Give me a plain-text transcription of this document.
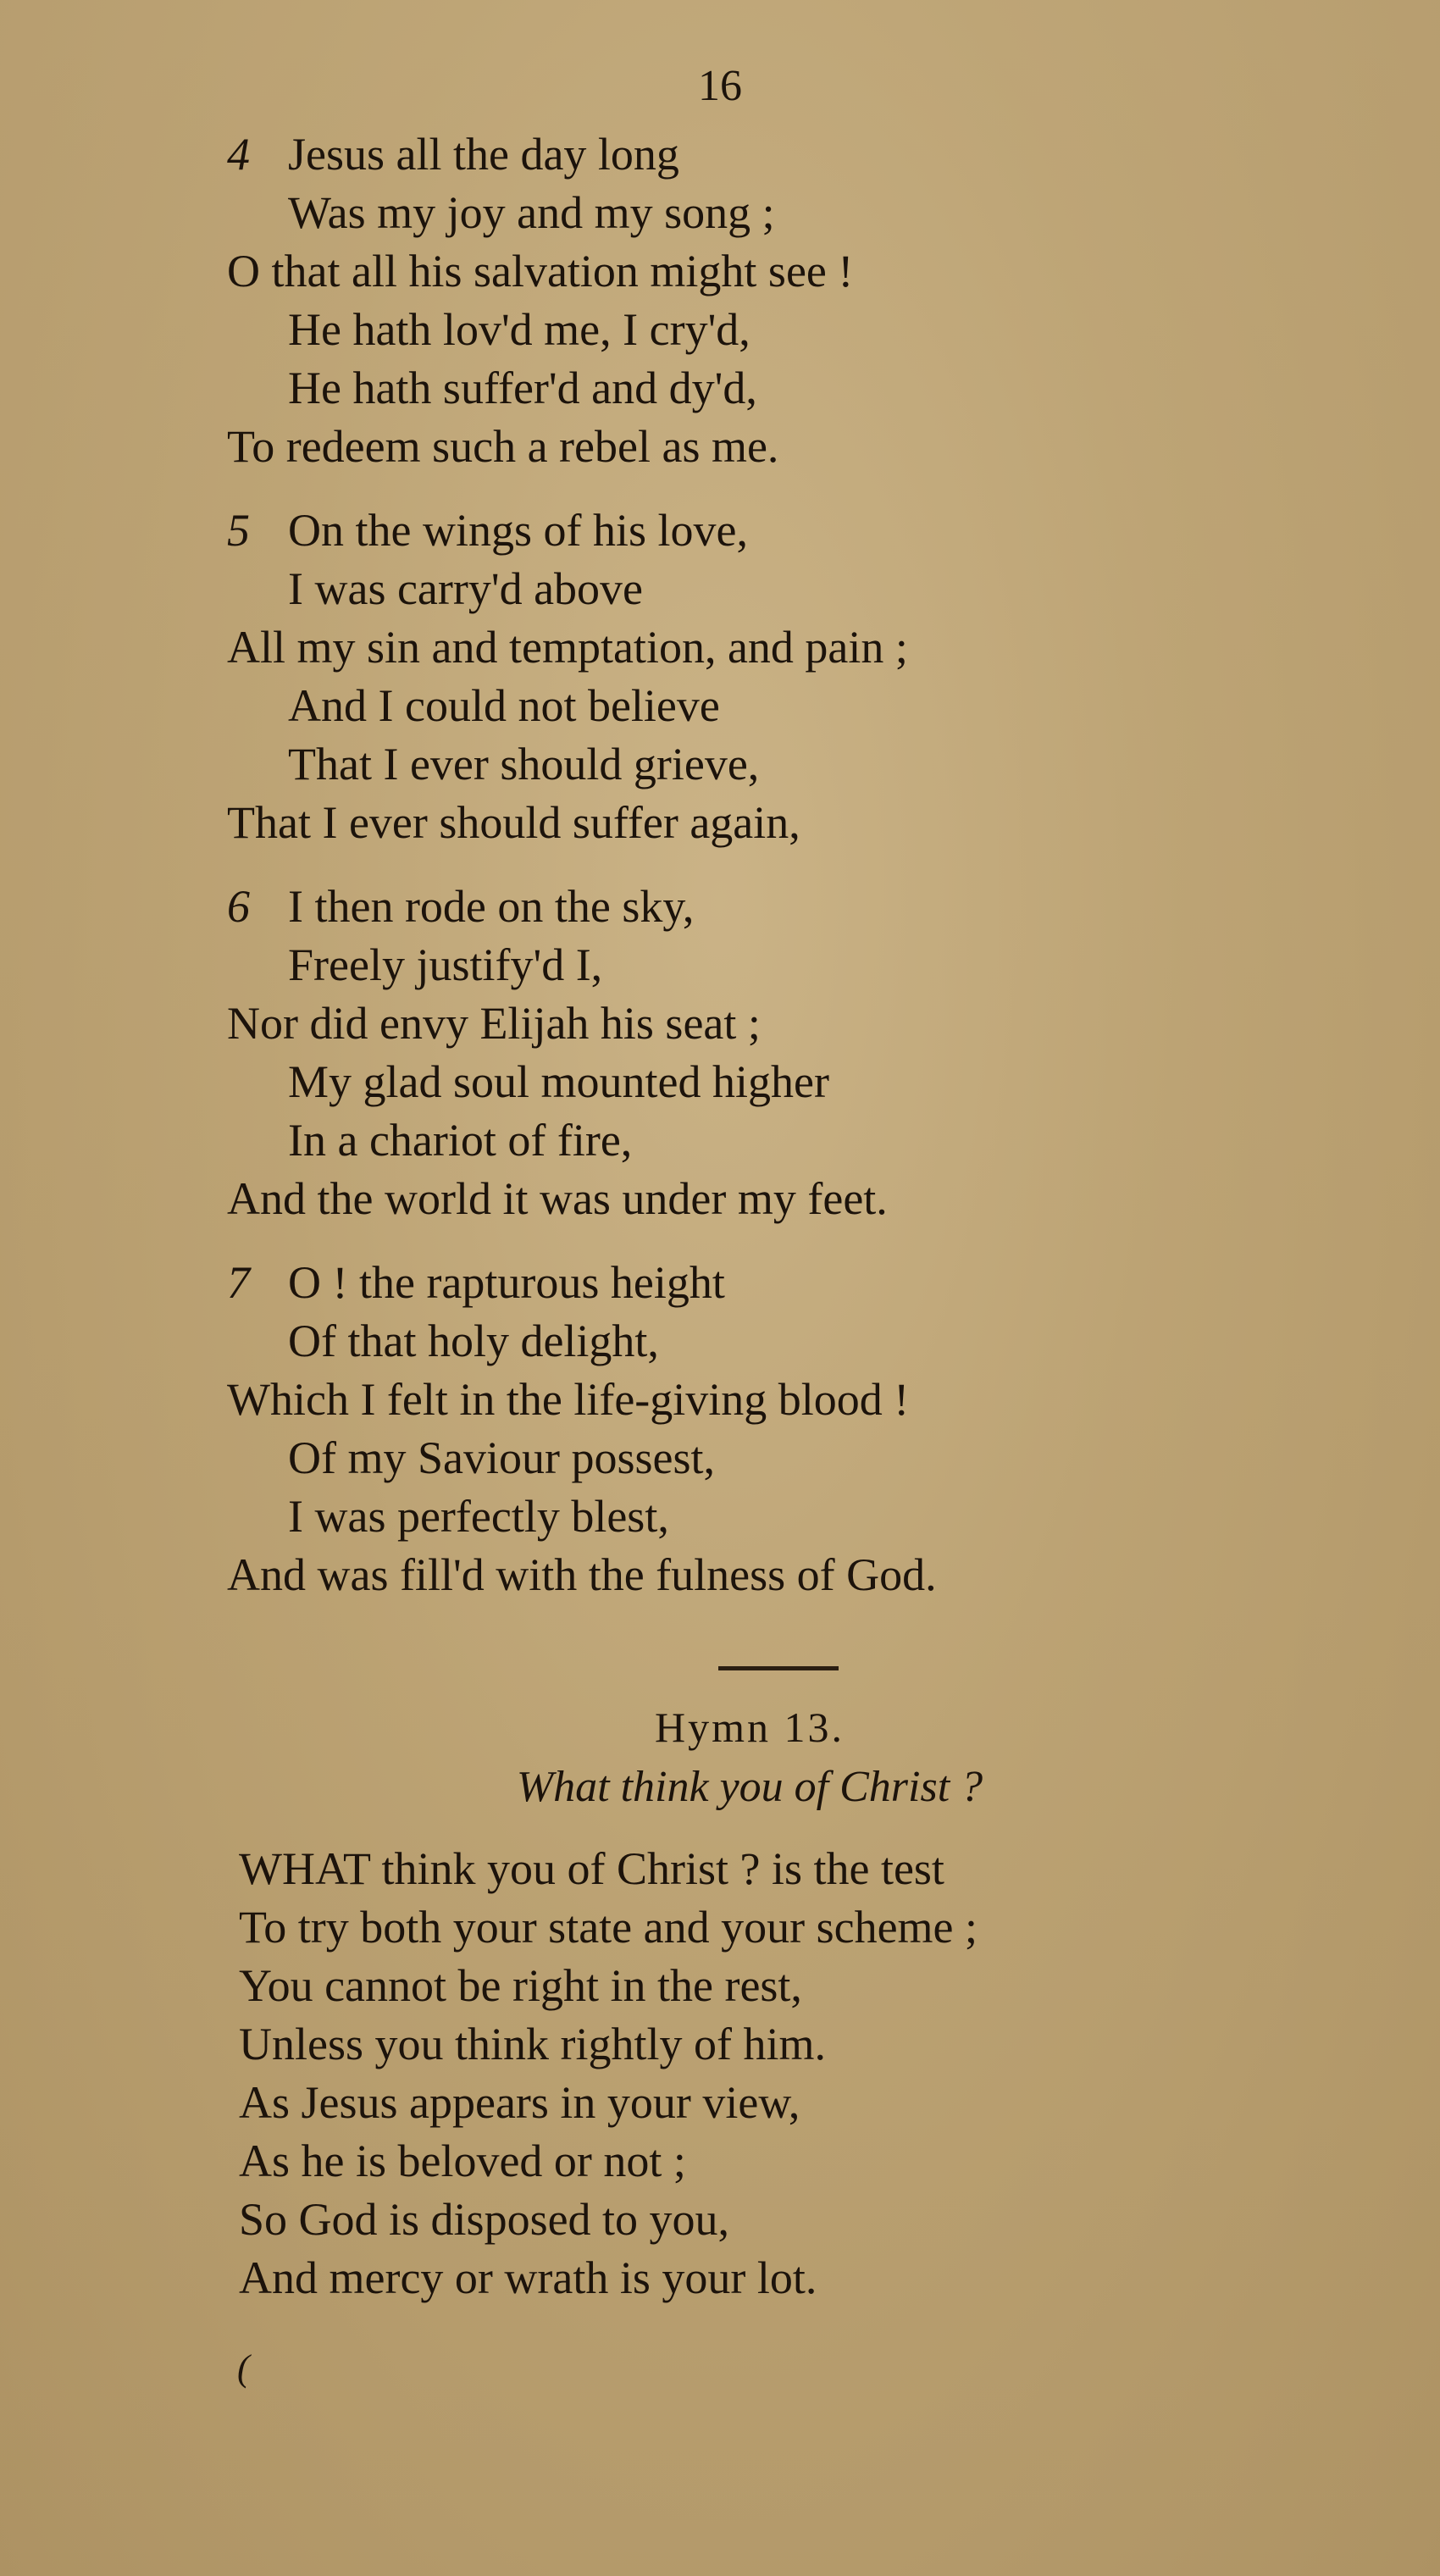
16
4 Jesus all the day long
Was my joy and my song ;
O that all his salvation might see !
He hath lov'd me, I cry'd,
He hath suffer'd and dy'd,
To redeem such a rebel as me.
5 On the wings of his love,
I was carry'd above
All my sin and temptation, and pain ;
And I could not believe
That I ever should grieve,
That I ever should suffer again,
6 I then rode on the sky,
Freely justify'd I,
Nor did envy Elijah his seat ;
My glad soul mounted higher
In a chariot of fire,
And the world it was under my feet.
7 O ! the rapturous height
Of that holy delight,
Which I felt in the life-giving blood !
Of my Saviour possest,
I was perfectly blest,
And was fill'd with the fulness of God.
Hymn 13.
What think you of Christ ?
WHAT think you of Christ ? is the test
To try both your state and your scheme ;
You cannot be right in the rest,
Unless you think rightly of him.
As Jesus appears in your view,
As he is beloved or not ;
So God is disposed to you,
And mercy or wrath is your lot.
(
